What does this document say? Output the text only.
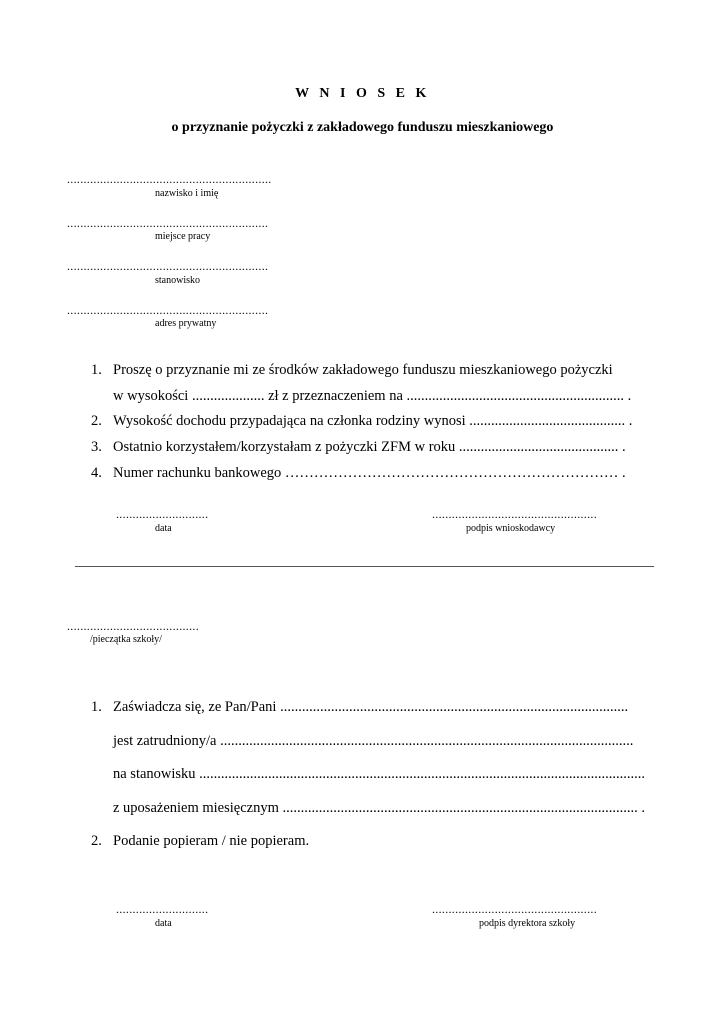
W N I O S E K
o przyznanie pożyczki z zakładowego funduszu mieszkaniowego
..............................................................
nazwisko i imię
.............................................................
miejsce pracy
.............................................................
stanowisko
.............................................................
adres prywatny
1. Proszę o przyznanie mi ze środków zakładowego funduszu mieszkaniowego pożyczki
w wysokości .................... zł z przeznaczeniem na ............................................................ .
2. Wysokość dochodu przypadająca na członka rodziny wynosi ........................................... .
3. Ostatnio korzystałem/korzystałam z pożyczki ZFM w roku ............................................ .
4. Numer rachunku bankowego …………………………………………………………… .
............................
data
..................................................
podpis wnioskodawcy
........................................
/pieczątka szkoły/
1. Zaświadcza się, ze Pan/Pani ................................................................................................
jest zatrudniony/a ..................................................................................................................
na stanowisku ...........................................................................................................................
z uposażeniem miesięcznym .................................................................................................. .
2. Podanie popieram / nie popieram.
............................
data
..................................................
podpis dyrektora szkoły
